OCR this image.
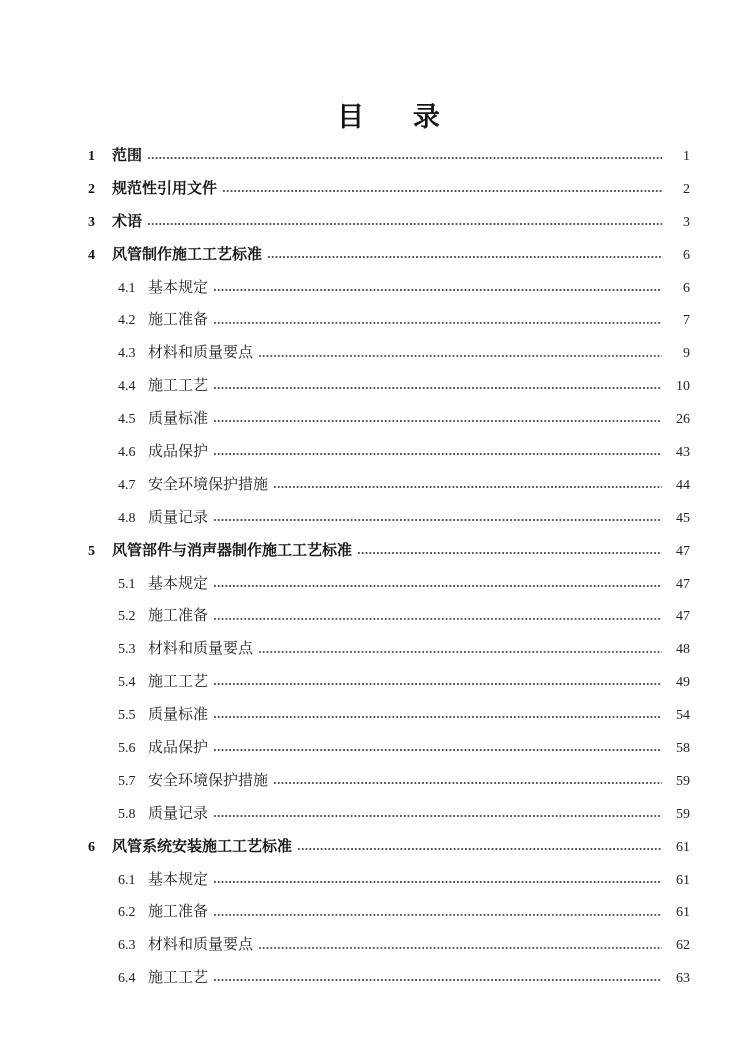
目 录
1	范围	1
2	规范性引用文件	2
3	术语	3
4	风管制作施工工艺标准	6
4.1 基本规定	6
4.2 施工准备	7
4.3 材料和质量要点	9
4.4 施工工艺	10
4.5 质量标准	26
4.6 成品保护	43
4.7 安全环境保护措施	44
4.8 质量记录	45
5	风管部件与消声器制作施工工艺标准	47
5.1 基本规定	47
5.2 施工准备	47
5.3 材料和质量要点	48
5.4 施工工艺	49
5.5 质量标准	54
5.6 成品保护	58
5.7 安全环境保护措施	59
5.8 质量记录	59
6	风管系统安装施工工艺标准	61
6.1 基本规定	61
6.2 施工准备	61
6.3 材料和质量要点	62
6.4 施工工艺	63
